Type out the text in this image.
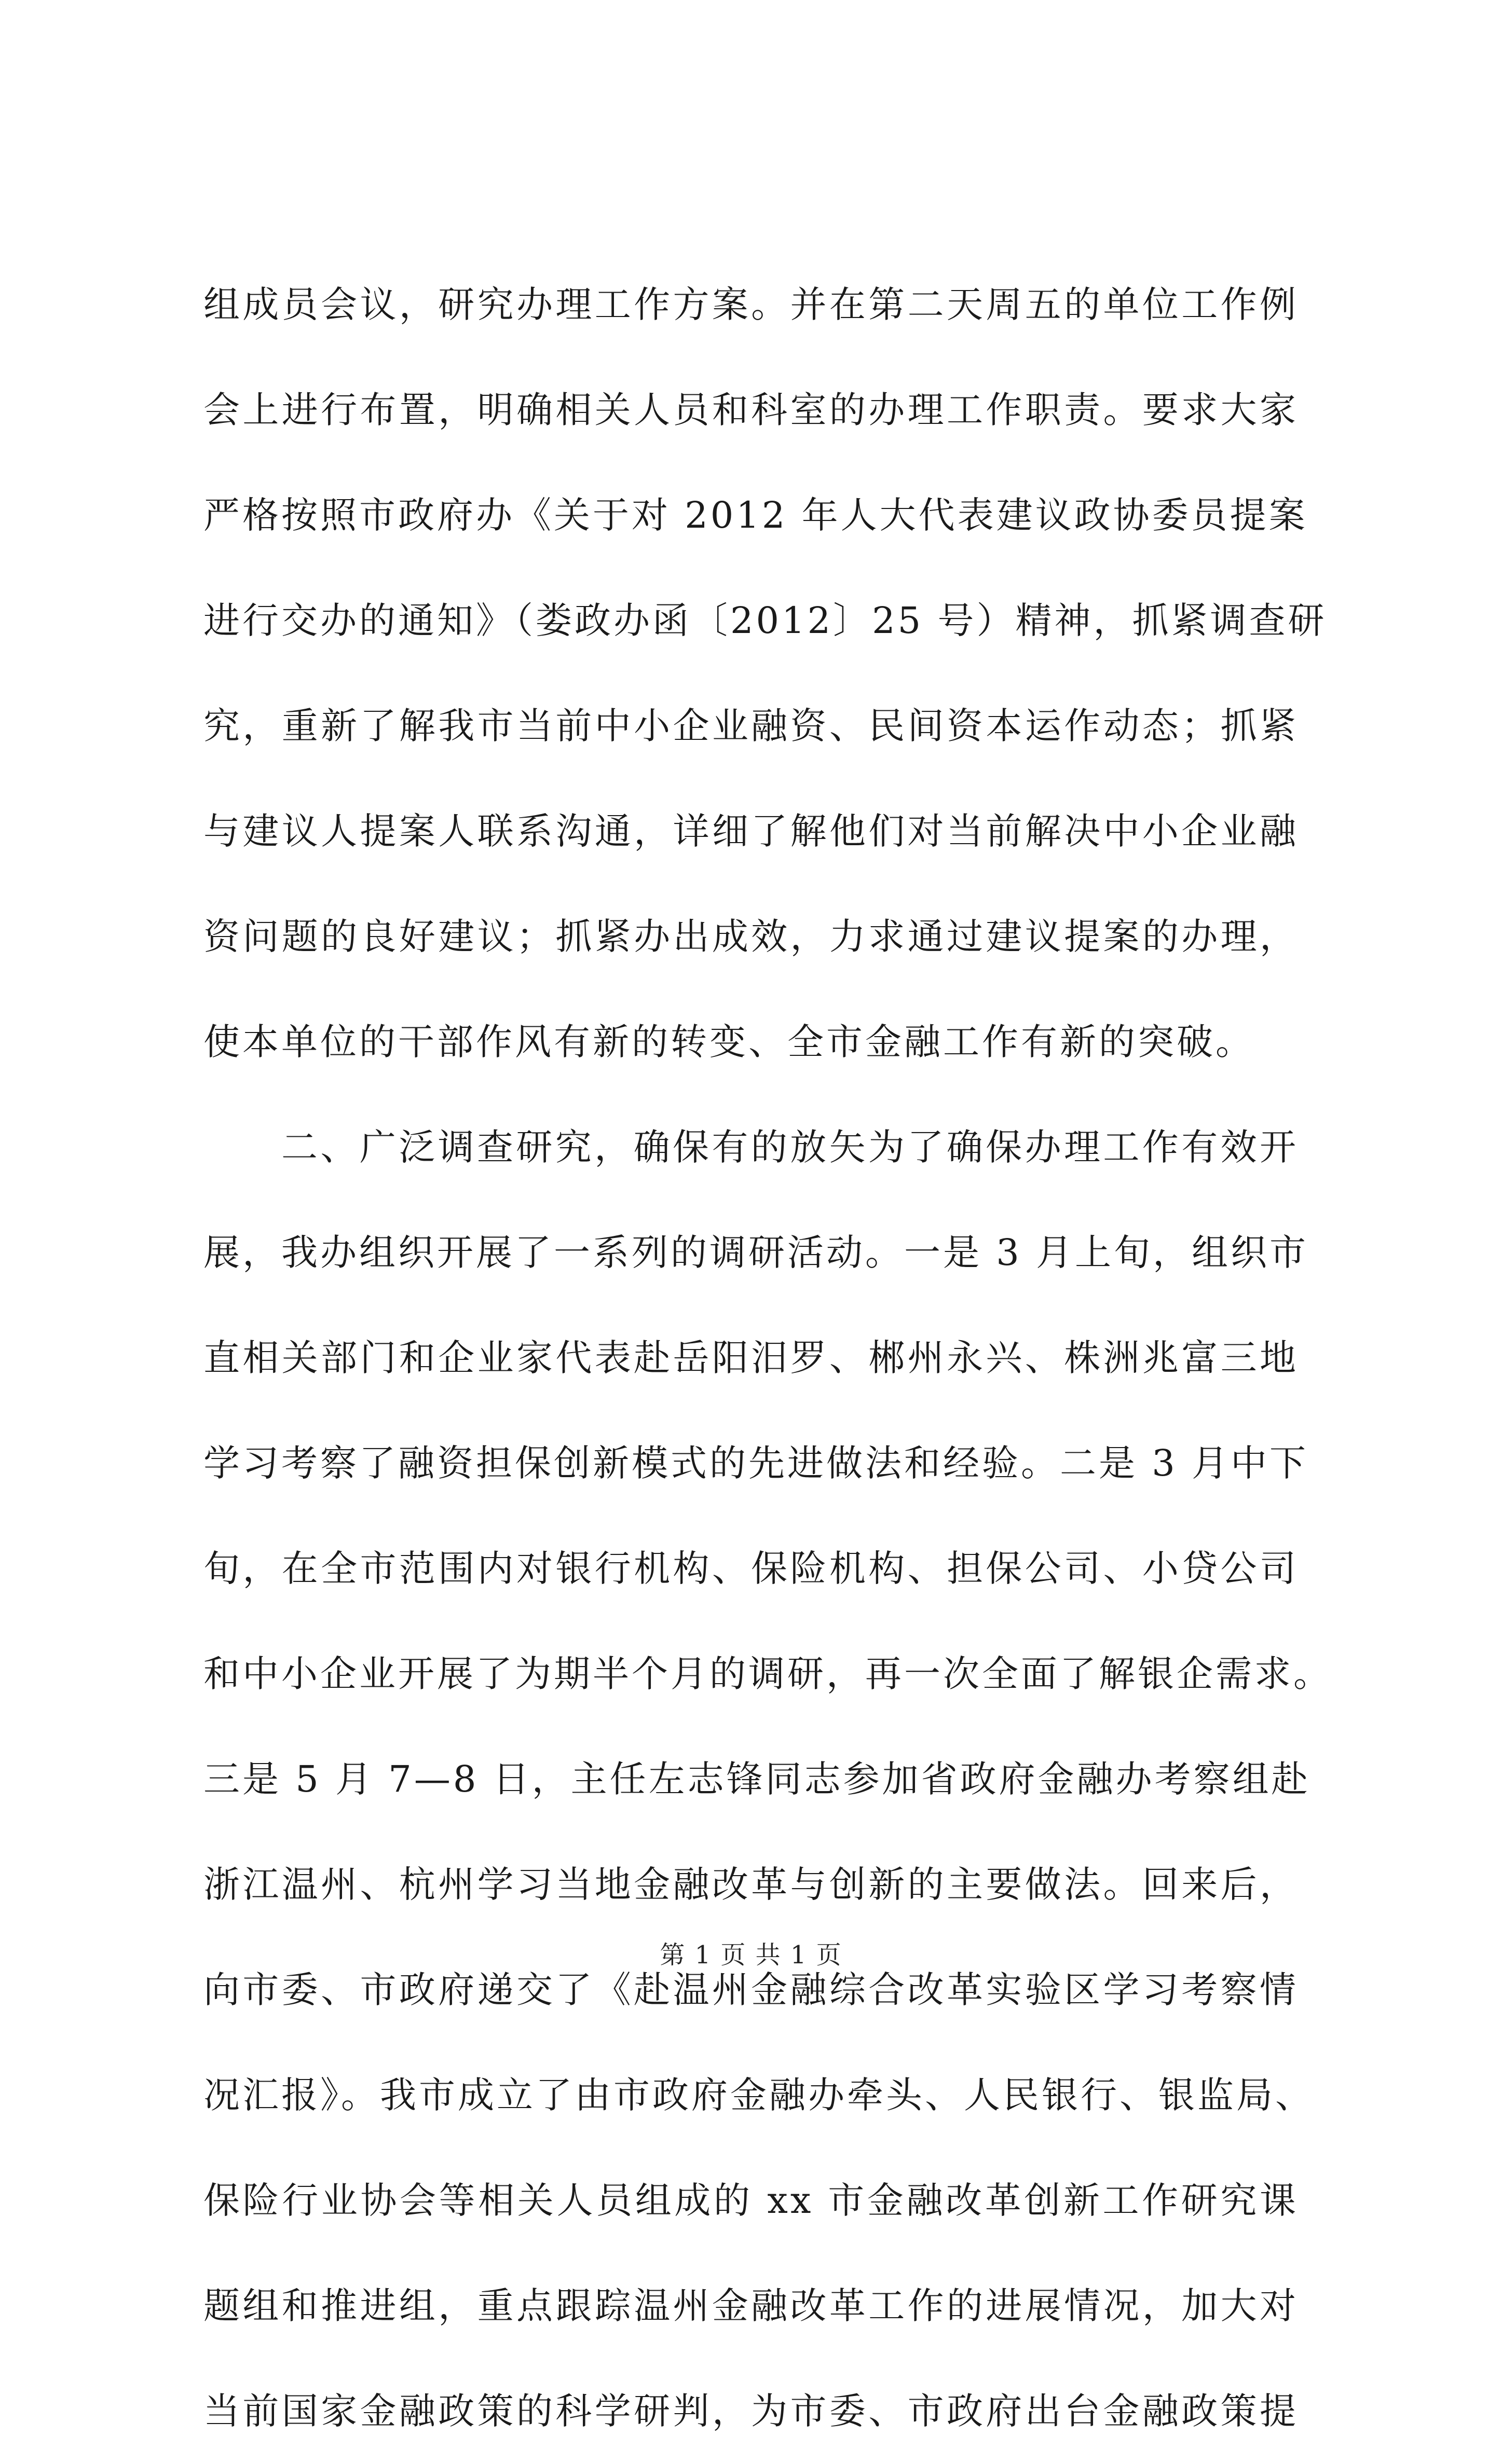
组成员会议，研究办理工作方案。并在第二天周五的单位工作例
会上进行布置，明确相关人员和科室的办理工作职责。要求大家
严格按照市政府办《关于对 2012 年人大代表建议政协委员提案
进行交办的通知》（娄政办函〔2012〕25 号）精神，抓紧调查研
究，重新了解我市当前中小企业融资、民间资本运作动态；抓紧
与建议人提案人联系沟通，详细了解他们对当前解决中小企业融
资问题的良好建议；抓紧办出成效，力求通过建议提案的办理，
使本单位的干部作风有新的转变、全市金融工作有新的突破。
二、广泛调查研究，确保有的放矢为了确保办理工作有效开
展，我办组织开展了一系列的调研活动。一是 3 月上旬，组织市
直相关部门和企业家代表赴岳阳汨罗、郴州永兴、株洲兆富三地
学习考察了融资担保创新模式的先进做法和经验。二是 3 月中下
旬，在全市范围内对银行机构、保险机构、担保公司、小贷公司
和中小企业开展了为期半个月的调研，再一次全面了解银企需求。
三是 5 月 7—8 日，主任左志锋同志参加省政府金融办考察组赴
浙江温州、杭州学习当地金融改革与创新的主要做法。回来后，
向市委、市政府递交了《赴温州金融综合改革实验区学习考察情
况汇报》。我市成立了由市政府金融办牵头、人民银行、银监局、
保险行业协会等相关人员组成的 xx 市金融改革创新工作研究课
题组和推进组，重点跟踪温州金融改革工作的进展情况，加大对
当前国家金融政策的科学研判，为市委、市政府出台金融政策提
第 1 页 共 1 页
